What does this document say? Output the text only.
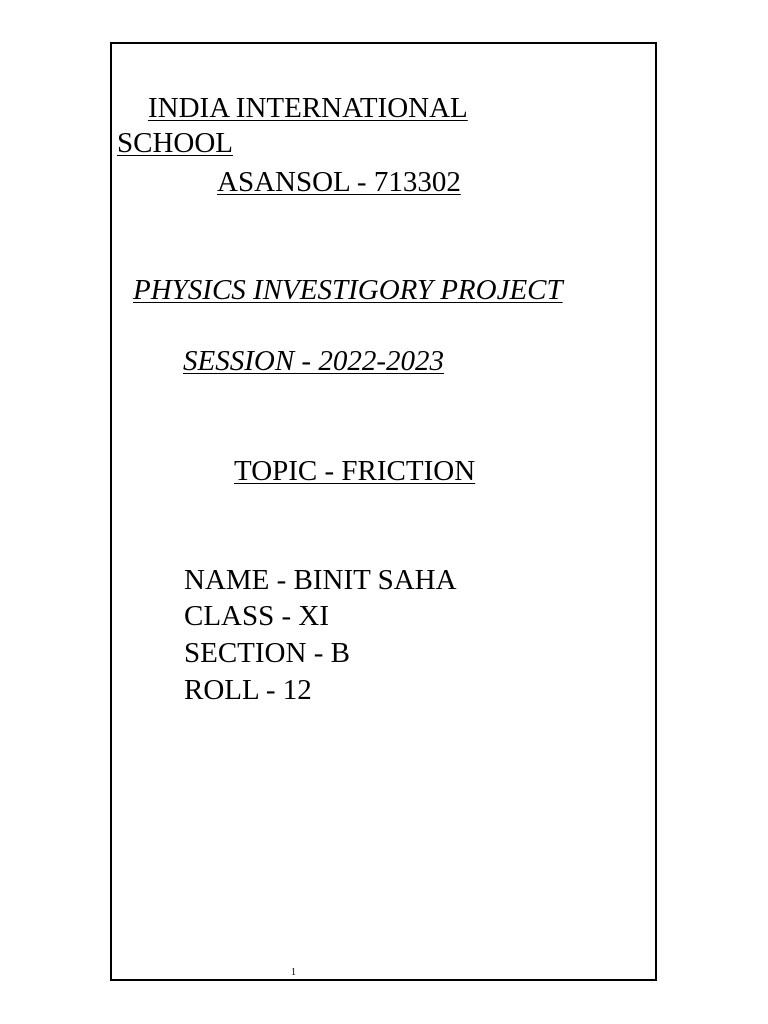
INDIA INTERNATIONAL
SCHOOL
ASANSOL - 713302
PHYSICS INVESTIGORY PROJECT
SESSION - 2022-2023
TOPIC - FRICTION
NAME - BINIT SAHA
CLASS - XI
SECTION - B
ROLL - 12
1
